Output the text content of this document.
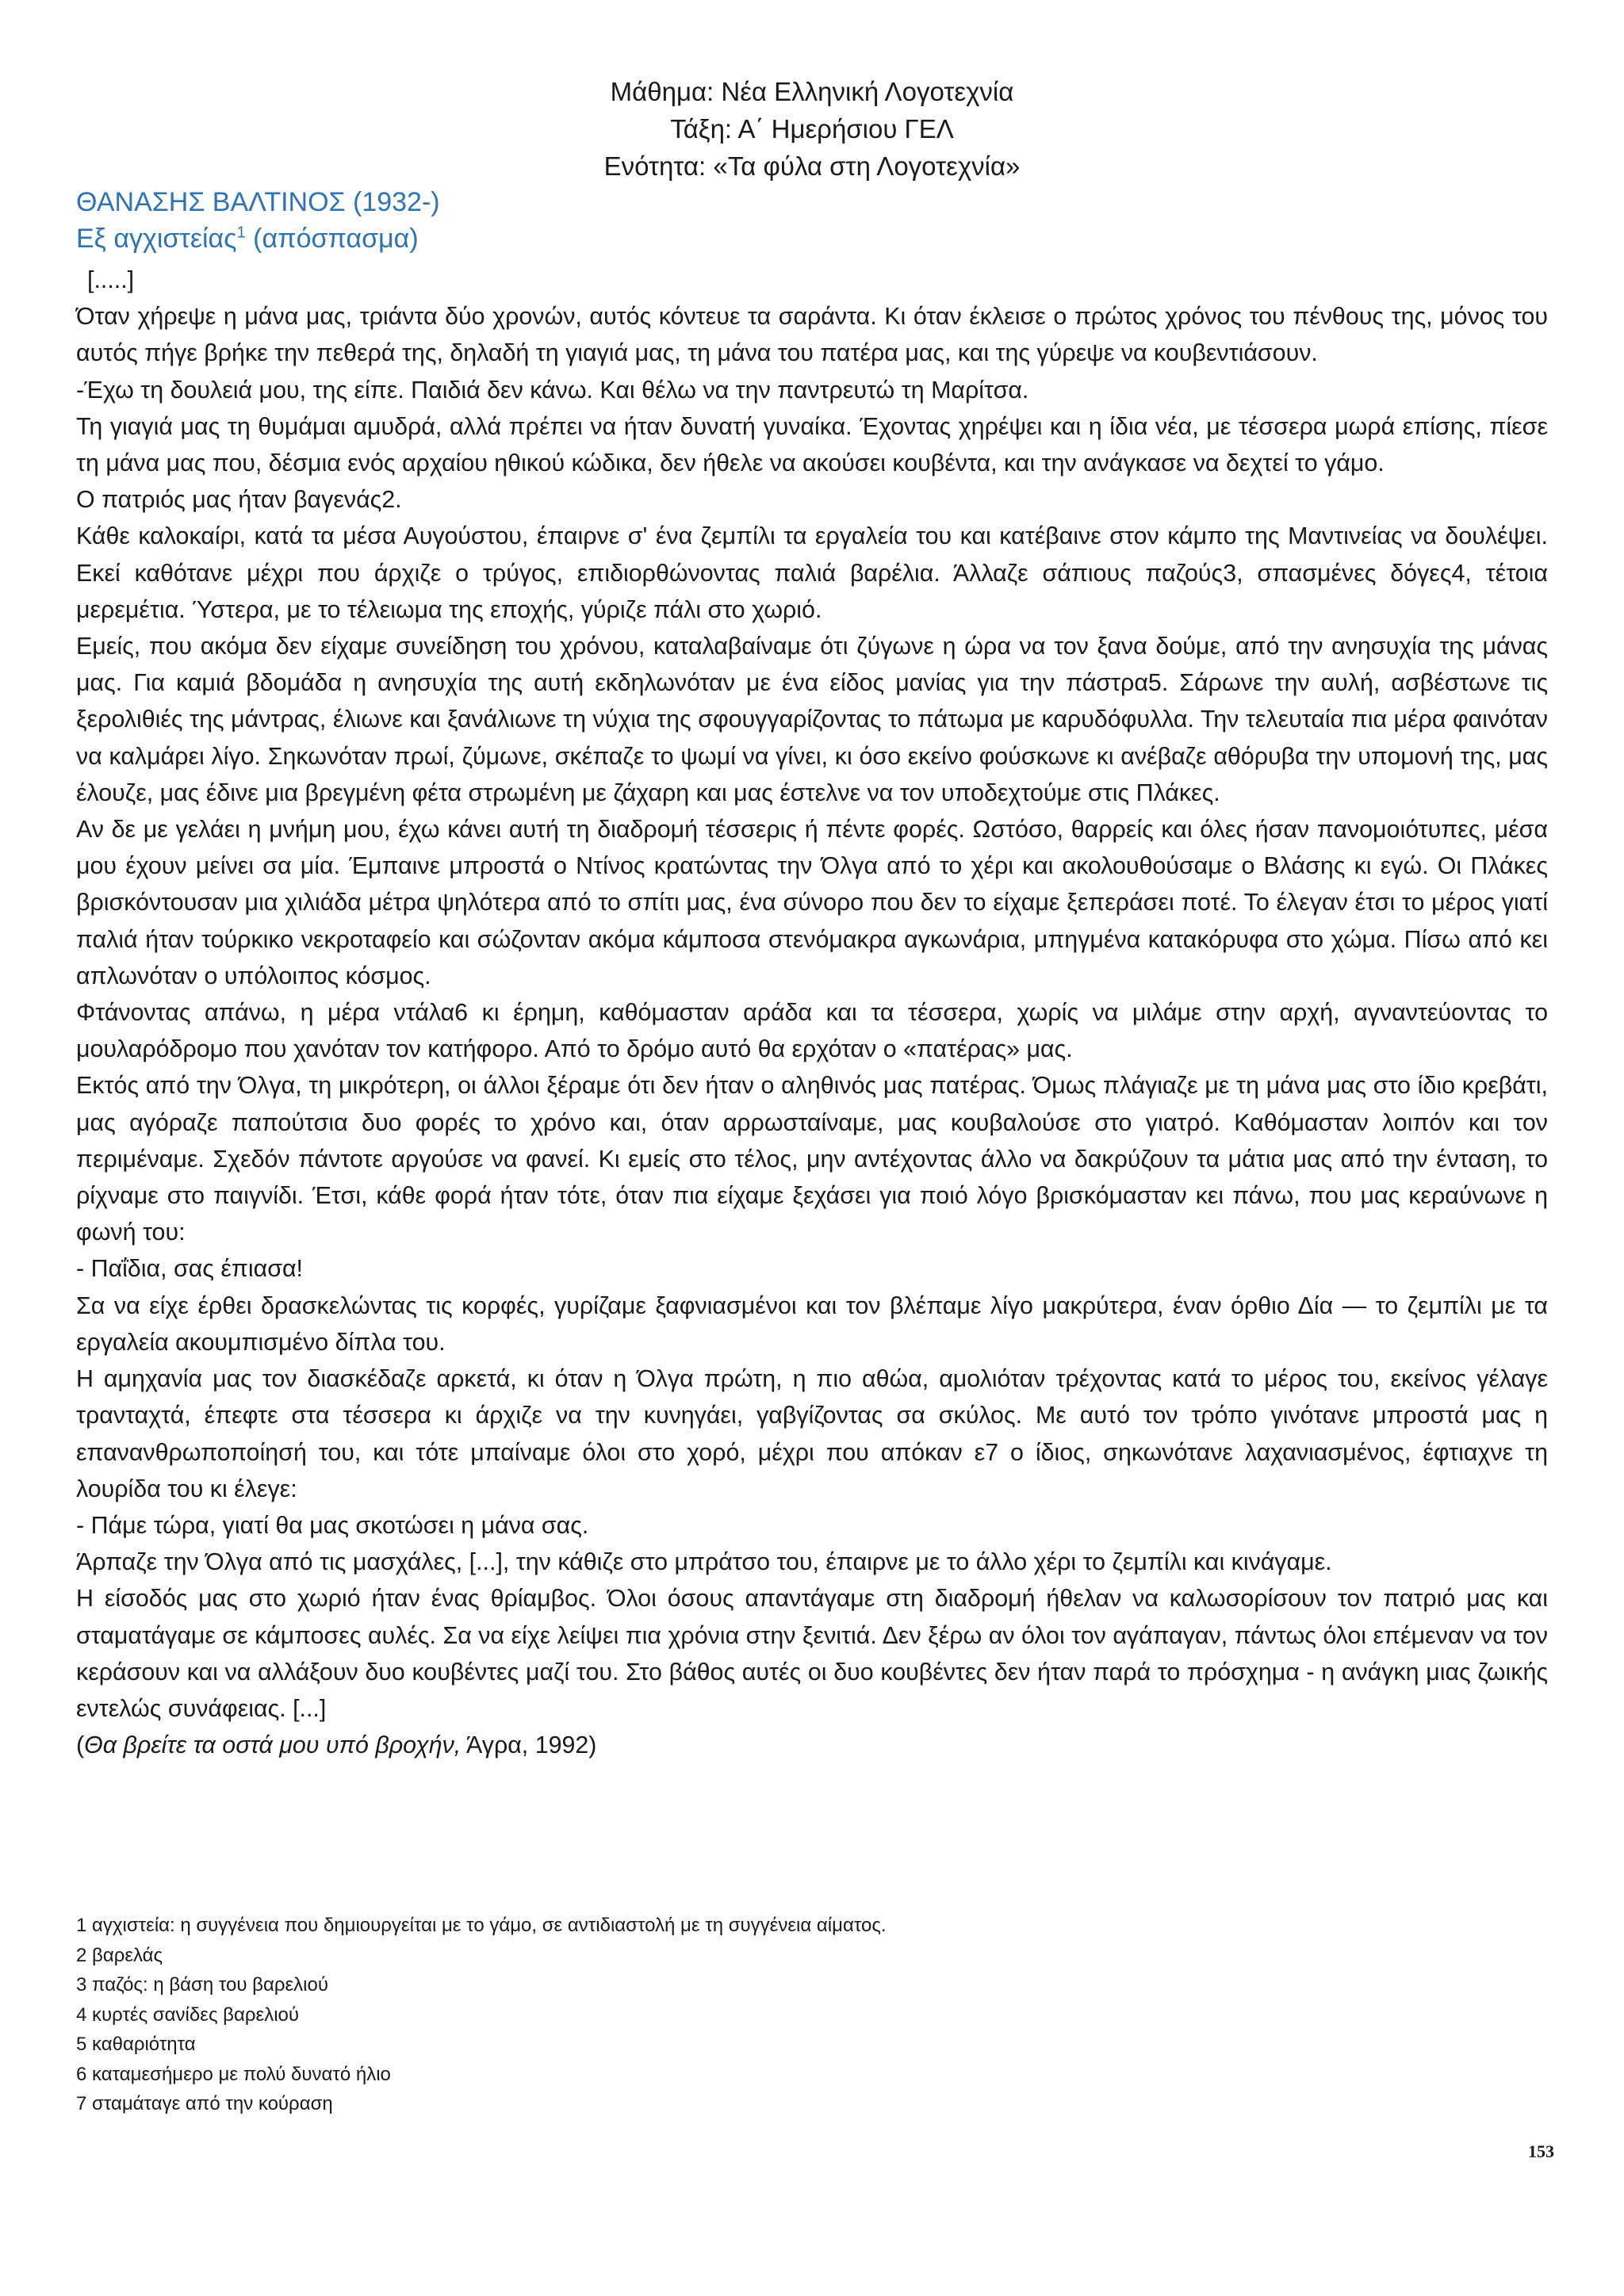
Μάθημα: Νέα Ελληνική Λογοτεχνία
Τάξη: Α΄ Ημερήσιου ΓΕΛ
Ενότητα: «Τα φύλα στη Λογοτεχνία»
ΘΑΝΑΣΗΣ ΒΑΛΤΙΝΟΣ (1932-)
Εξ αγχιστείας$^1$ (απόσπασμα)

[.....]

Όταν χήρεψε η μάνα μας, τριάντα δύο χρονών, αυτός κόντευε τα σαράντα. Κι όταν έκλεισε ο πρώτος χρόνος του πένθους της, μόνος του αυτός πήγε βρήκε την πεθερά της, δηλαδή τη γιαγιά μας, τη μάνα του πατέρα μας, και της γύρεψε να κουβεντιάσουν.

-Έχω τη δουλειά μου, της είπε. Παιδιά δεν κάνω. Και θέλω να την παντρευτώ τη Μαρίτσα.

Τη γιαγιά μας τη θυμάμαι αμυδρά, αλλά πρέπει να ήταν δυνατή γυναίκα. Έχοντας χηρέψει και η ίδια νέα, με τέσσερα μωρά επίσης, πίεσε τη μάνα μας που, δέσμια ενός αρχαίου ηθικού κώδικα, δεν ήθελε να ακούσει κουβέντα, και την ανάγκασε να δεχτεί το γάμο.

Ο πατριός μας ήταν βαγενάς2.

Κάθε καλοκαίρι, κατά τα μέσα Αυγούστου, έπαιρνε σ' ένα ζεμπίλι τα εργαλεία του και κατέβαινε στον κάμπο της Μαντινείας να δουλέψει. Εκεί καθότανε μέχρι που άρχιζε ο τρύγος, επιδιορθώνοντας παλιά βαρέλια. Άλλαζε σάπιους παζούς3, σπασμένες δόγες4, τέτοια μερεμέτια. Ύστερα, με το τέλειωμα της εποχής, γύριζε πάλι στο χωριό.

Εμείς, που ακόμα δεν είχαμε συνείδηση του χρόνου, καταλαβαίναμε ότι ζύγωνε η ώρα να τον ξανα δούμε, από την ανησυχία της μάνας μας. Για καμιά βδομάδα η ανησυχία της αυτή εκδηλωνόταν με ένα είδος μανίας για την πάστρα5. Σάρωνε την αυλή, ασβέστωνε τις ξερολιθιές της μάντρας, έλιωνε και ξανάλιωνε τη νύχια της σφουγγαρίζοντας το πάτωμα με καρυδόφυλλα. Την τελευταία πια μέρα φαινόταν να καλμάρει λίγο. Σηκωνόταν πρωί, ζύμωνε, σκέπαζε το ψωμί να γίνει, κι όσο εκείνο φούσκωνε κι ανέβαζε αθόρυβα την υπομονή της, μας έλουζε, μας έδινε μια βρεγμένη φέτα στρωμένη με ζάχαρη και μας έστελνε να τον υποδεχτούμε στις Πλάκες.

Αν δε με γελάει η μνήμη μου, έχω κάνει αυτή τη διαδρομή τέσσερις ή πέντε φορές. Ωστόσο, θαρρείς και όλες ήσαν πανομοιότυπες, μέσα μου έχουν μείνει σα μία. Έμπαινε μπροστά ο Ντίνος κρατώντας την Όλγα από το χέρι και ακολουθούσαμε ο Βλάσης κι εγώ. Οι Πλάκες βρισκόντουσαν μια χιλιάδα μέτρα ψηλότερα από το σπίτι μας, ένα σύνορο που δεν το είχαμε ξεπεράσει ποτέ. Το έλεγαν έτσι το μέρος γιατί παλιά ήταν τούρκικο νεκροταφείο και σώζονταν ακόμα κάμποσα στενόμακρα αγκωνάρια, μπηγμένα κατακόρυφα στο χώμα. Πίσω από κει απλωνόταν ο υπόλοιπος κόσμος.

Φτάνοντας απάνω, η μέρα ντάλα6 κι έρημη, καθόμασταν αράδα και τα τέσσερα, χωρίς να μιλάμε στην αρχή, αγναντεύοντας το μουλαρόδρομο που χανόταν τον κατήφορο. Από το δρόμο αυτό θα ερχόταν ο «πατέρας» μας.

Εκτός από την Όλγα, τη μικρότερη, οι άλλοι ξέραμε ότι δεν ήταν ο αληθινός μας πατέρας. Όμως πλάγιαζε με τη μάνα μας στο ίδιο κρεβάτι, μας αγόραζε παπούτσια δυο φορές το χρόνο και, όταν αρρωσταίναμε, μας κουβαλούσε στο γιατρό. Καθόμασταν λοιπόν και τον περιμέναμε. Σχεδόν πάντοτε αργούσε να φανεί. Κι εμείς στο τέλος, μην αντέχοντας άλλο να δακρύζουν τα μάτια μας από την ένταση, το ρίχναμε στο παιγνίδι. Έτσι, κάθε φορά ήταν τότε, όταν πια είχαμε ξεχάσει για ποιό λόγο βρισκόμασταν κει πάνω, που μας κεραύνωνε η φωνή του:

- Παΐδια, σας έπιασα!

Σα να είχε έρθει δρασκελώντας τις κορφές, γυρίζαμε ξαφνιασμένοι και τον βλέπαμε λίγο μακρύτερα, έναν όρθιο Δία — το ζεμπίλι με τα εργαλεία ακουμπισμένο δίπλα του.

Η αμηχανία μας τον διασκέδαζε αρκετά, κι όταν η Όλγα πρώτη, η πιο αθώα, αμολιόταν τρέχοντας κατά το μέρος του, εκείνος γέλαγε τρανταχτά, έπεφτε στα τέσσερα κι άρχιζε να την κυνηγάει, γαβγίζοντας σα σκύλος. Με αυτό τον τρόπο γινότανε μπροστά μας η επανανθρωποποίησή του, και τότε μπαίναμε όλοι στο χορό, μέχρι που απόκαν ε7 ο ίδιος, σηκωνότανε λαχανιασμένος, έφτιαχνε τη λουρίδα του κι έλεγε:

- Πάμε τώρα, γιατί θα μας σκοτώσει η μάνα σας.

Άρπαζε την Όλγα από τις μασχάλες, [...], την κάθιζε στο μπράτσο του, έπαιρνε με το άλλο χέρι το ζεμπίλι και κινάγαμε.

Η είσοδός μας στο χωριό ήταν ένας θρίαμβος. Όλοι όσους απαντάγαμε στη διαδρομή ήθελαν να καλωσορίσουν τον πατριό μας και σταματάγαμε σε κάμποσες αυλές. Σα να είχε λείψει πια χρόνια στην ξενιτιά. Δεν ξέρω αν όλοι τον αγάπαγαν, πάντως όλοι επέμεναν να τον κεράσουν και να αλλάξουν δυο κουβέντες μαζί του. Στο βάθος αυτές οι δυο κουβέντες δεν ήταν παρά το πρόσχημα - η ανάγκη μιας ζωικής εντελώς συνάφειας. [...]

(Θα βρείτε τα οστά μου υπό βροχήν, Άγρα, 1992)

1 αγχιστεία: η συγγένεια που δημιουργείται με το γάμο, σε αντιδιαστολή με τη συγγένεια αίματος.
2 βαρελάς
3 παζός: η βάση του βαρελιού
4 κυρτές σανίδες βαρελιού
5 καθαριότητα
6 καταμεσήμερο με πολύ δυνατό ήλιο
7 σταμάταγε από την κούραση
153
